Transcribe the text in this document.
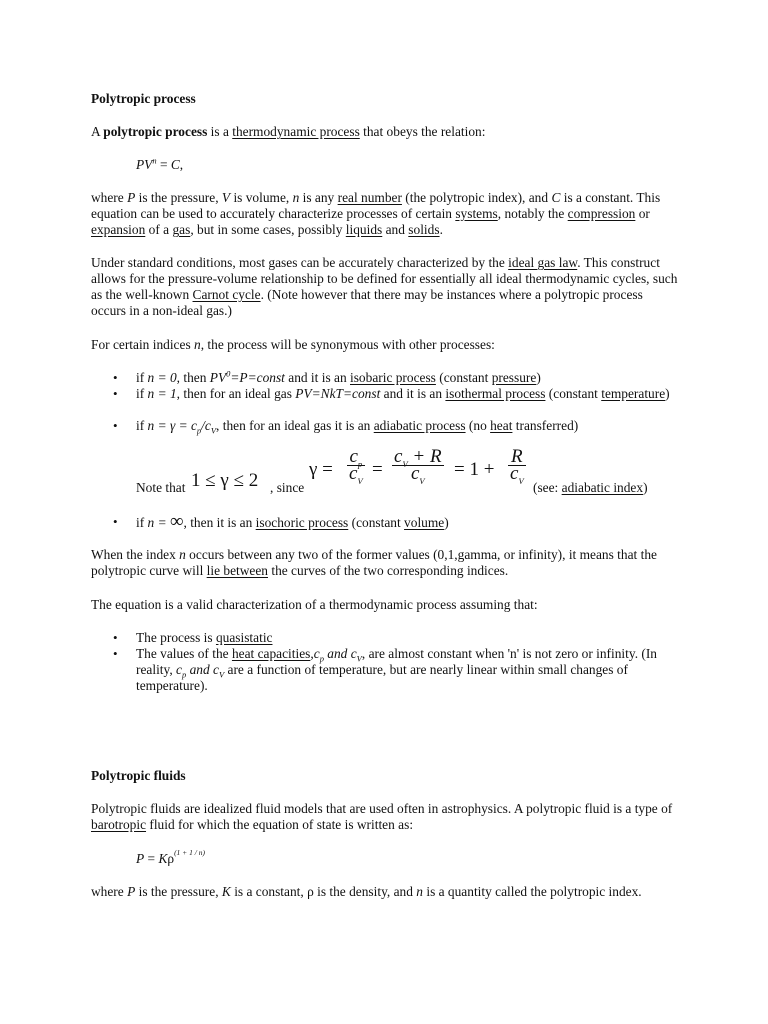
Polytropic process
A polytropic process is a thermodynamic process that obeys the relation:
$PV^n = C$,
where P is the pressure, V is volume, n is any real number (the polytropic index), and C is a constant. This equation can be used to accurately characterize processes of certain systems, notably the compression or expansion of a gas, but in some cases, possibly liquids and solids.
Under standard conditions, most gases can be accurately characterized by the ideal gas law. This construct allows for the pressure-volume relationship to be defined for essentially all ideal thermodynamic cycles, such as the well-known Carnot cycle. (Note however that there may be instances where a polytropic process occurs in a non-ideal gas.)
For certain indices n, the process will be synonymous with other processes:
• if n = 0, then $PV^0=P=const$ and it is an isobaric process (constant pressure)
• if n = 1, then for an ideal gas PV=NkT=const and it is an isothermal process (constant temperature)
• if $n = \gamma = c_p/c_V$, then for an ideal gas it is an adiabatic process (no heat transferred)
Note that 1 ≤ γ ≤ 2 , since
$\gamma = \frac{c_p}{c_V} = \frac{c_V + R}{c_V} = 1 + \frac{R}{c_V}$
(see: adiabatic index)
• if n = ∞, then it is an isochoric process (constant volume)
When the index n occurs between any two of the former values (0,1,gamma, or infinity), it means that the polytropic curve will lie between the curves of the two corresponding indices.
The equation is a valid characterization of a thermodynamic process assuming that:
• The process is quasistatic
• The values of the heat $capacities,c_p$ and $c_V$, are almost constant when 'n' is not zero or infinity. (In reality, $c_p$ and $c_V$ are a function of temperature, but are nearly linear within small changes of temperature).
Polytropic fluids
Polytropic fluids are idealized fluid models that are used often in astrophysics. A polytropic fluid is a type of barotropic fluid for which the equation of state is written as:
$P = K\rho^{(1 + 1 / n)}$
where P is the pressure, K is a constant, ρ is the density, and n is a quantity called the polytropic index.
